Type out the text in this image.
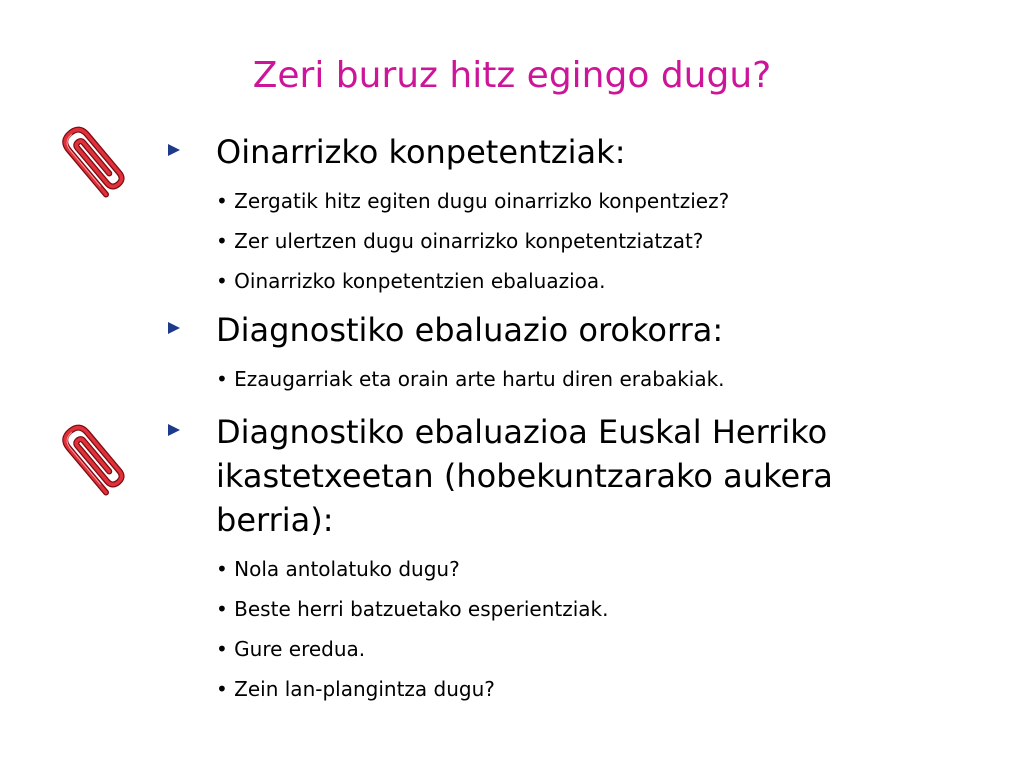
Zeri buruz hitz egingo dugu?
Oinarrizko konpetentziak:
• Zergatik hitz egiten dugu oinarrizko konpentziez?
• Zer ulertzen dugu oinarrizko konpetentziatzat?
• Oinarrizko konpetentzien ebaluazioa.
Diagnostiko ebaluazio orokorra:
• Ezaugarriak eta orain arte hartu diren erabakiak.
Diagnostiko ebaluazioa Euskal Herriko ikastetxeetan (hobekuntzarako aukera berria):
• Nola antolatuko dugu?
• Beste herri batzuetako esperientziak.
• Gure eredua.
• Zein lan-plangintza dugu?
